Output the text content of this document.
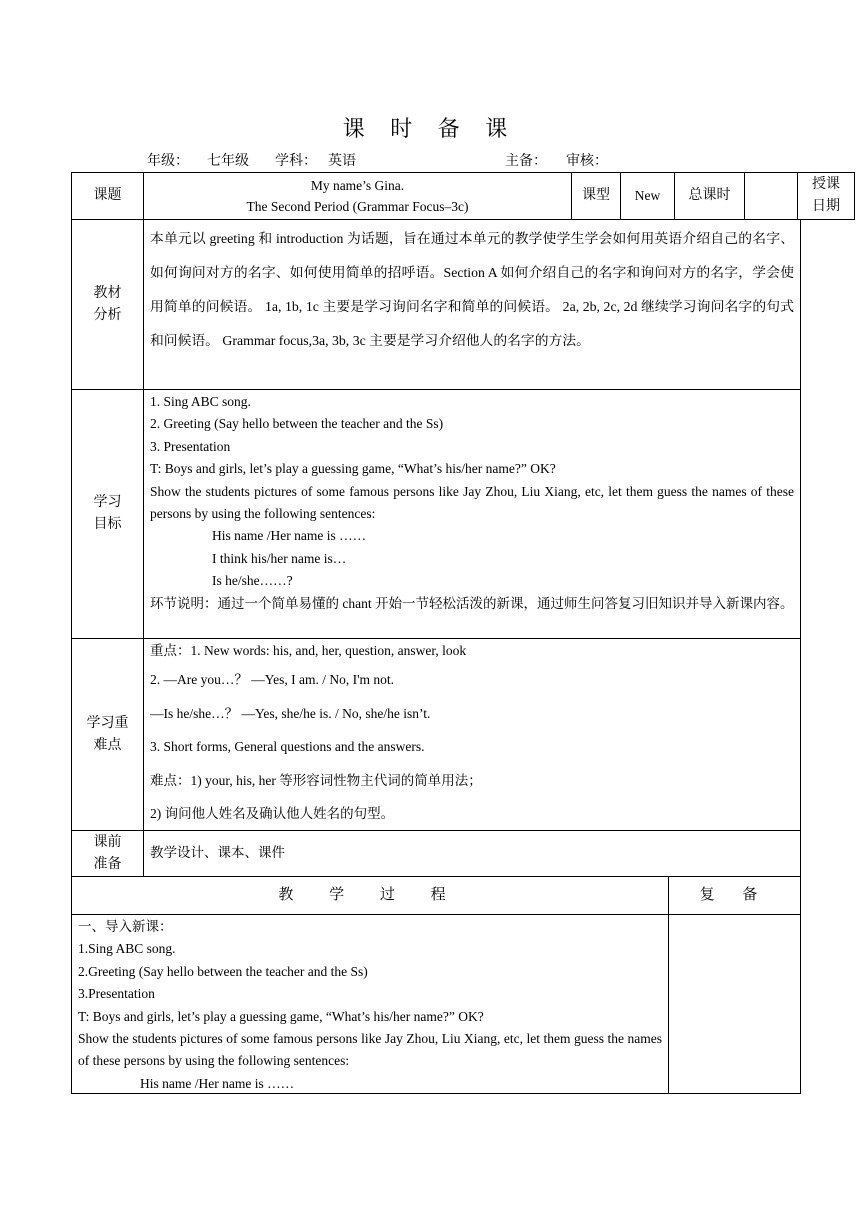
课 时 备 课
年级： 七年级 学科： 英语	主备： 审核：
课题
My name’s Gina.
The Second Period (Grammar Focus–3c)
课型 New 总课时
授课
日期
教材
分析

本单元以 greeting 和 introduction 为话题，旨在通过本单元的教学使学生学会如何用英语介绍自己的名字、如何询问对方的名字、如何使用简单的招呼语。Section A 如何介绍自己的名字和询问对方的名字，学会使用简单的问候语。 1a, 1b, 1c 主要是学习询问名字和简单的问候语。 2a, 2b, 2c, 2d 继续学习询问名字的句式和问候语。 Grammar focus,3a, 3b, 3c 主要是学习介绍他人的名字的方法。

学习
目标

1. Sing ABC song.

2. Greeting (Say hello between the teacher and the Ss)

3. Presentation

T: Boys and girls, let’s play a guessing game, “What’s his/her name?” OK?

Show the students pictures of some famous persons like Jay Zhou, Liu Xiang, etc, let them guess the names of these persons by using the following sentences:

His name /Her name is ……

I think his/her name is…

Is he/she……?

环节说明：通过一个简单易懂的 chant 开始一节轻松活泼的新课，通过师生问答复习旧知识并导入新课内容。

学习重
难点

重点：1. New words: his, and, her, question, answer, look

2. —Are you…？ —Yes, I am. / No, I'm not.

—Is he/she…？ —Yes, she/he is. / No, she/he isn’t.

3. Short forms, General questions and the answers.

难点：1) your, his, her 等形容词性物主代词的简单用法；

2) 询问他人姓名及确认他人姓名的句型。

课前
准备
教学设计、课本、课件
教 学 过 程	复 备

一、导入新课：

1.Sing ABC song.

2.Greeting (Say hello between the teacher and the Ss)

3.Presentation

T: Boys and girls, let’s play a guessing game, “What’s his/her name?” OK?

Show the students pictures of some famous persons like Jay Zhou, Liu Xiang, etc, let them guess the names of these persons by using the following sentences:

His name /Her name is ……
